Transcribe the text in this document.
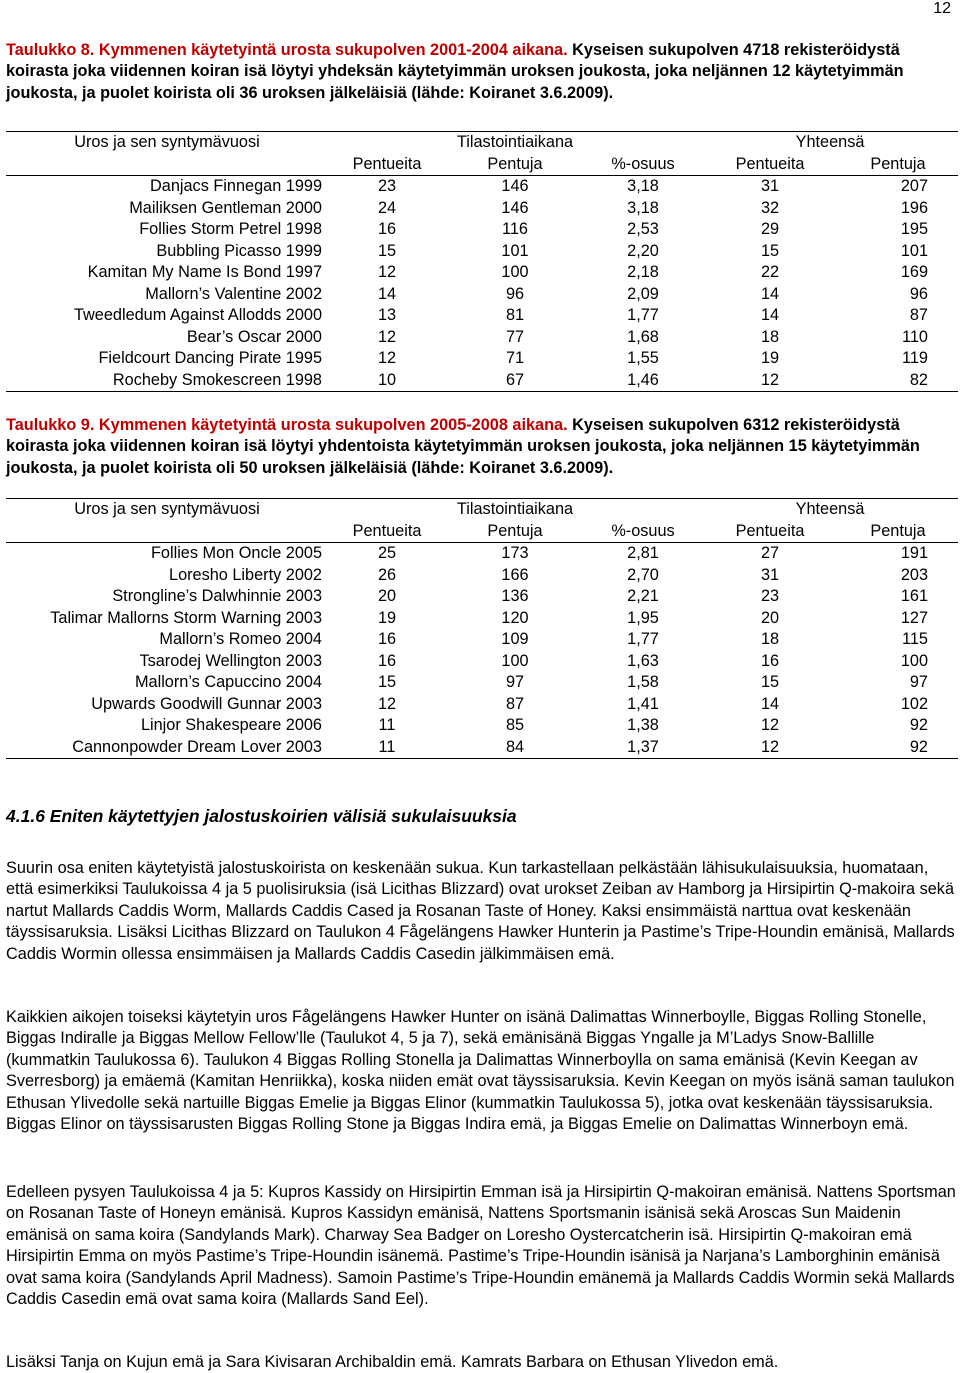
12
Taulukko 8. Kymmenen käytetyintä urosta sukupolven 2001-2004 aikana. Kyseisen sukupolven 4718 rekisteröidystä koirasta joka viidennen koiran isä löytyi yhdeksän käytetyimmän uroksen joukosta, joka neljännen 12 käytetyimmän joukosta, ja puolet koirista oli 36 uroksen jälkeläisiä (lähde: Koiranet 3.6.2009).
Uros ja sen syntymävuosi		Tilastointiaikana		Yhteensä	
	Pentueita	Pentuja	%-osuus	Pentueita	Pentuja
Danjacs Finnegan 1999	23	146	3,18	31	207
Mailiksen Gentleman 2000	24	146	3,18	32	196
Follies Storm Petrel 1998	16	116	2,53	29	195
Bubbling Picasso 1999	15	101	2,20	15	101
Kamitan My Name Is Bond 1997	12	100	2,18	22	169
Mallorn’s Valentine 2002	14	96	2,09	14	96
Tweedledum Against Allodds 2000	13	81	1,77	14	87
Bear’s Oscar 2000	12	77	1,68	18	110
Fieldcourt Dancing Pirate 1995	12	71	1,55	19	119
Rocheby Smokescreen 1998	10	67	1,46	12	82
Taulukko 9. Kymmenen käytetyintä urosta sukupolven 2005-2008 aikana. Kyseisen sukupolven 6312 rekisteröidystä koirasta joka viidennen koiran isä löytyi yhdentoista käytetyimmän uroksen joukosta, joka neljännen 15 käytetyimmän joukosta, ja puolet koirista oli 50 uroksen jälkeläisiä (lähde: Koiranet 3.6.2009).
Uros ja sen syntymävuosi		Tilastointiaikana		Yhteensä	
	Pentueita	Pentuja	%-osuus	Pentueita	Pentuja
Follies Mon Oncle 2005	25	173	2,81	27	191
Loresho Liberty 2002	26	166	2,70	31	203
Strongline’s Dalwhinnie 2003	20	136	2,21	23	161
Talimar Mallorns Storm Warning 2003	19	120	1,95	20	127
Mallorn’s Romeo 2004	16	109	1,77	18	115
Tsarodej Wellington 2003	16	100	1,63	16	100
Mallorn’s Capuccino 2004	15	97	1,58	15	97
Upwards Goodwill Gunnar 2003	12	87	1,41	14	102
Linjor Shakespeare 2006	11	85	1,38	12	92
Cannonpowder Dream Lover 2003	11	84	1,37	12	92
4.1.6 Eniten käytettyjen jalostuskoirien välisiä sukulaisuuksia

Suurin osa eniten käytetyistä jalostuskoirista on keskenään sukua. Kun tarkastellaan pelkästään lähisukulaisuuksia, huomataan, että esimerkiksi Taulukoissa 4 ja 5 puolisiruksia (isä Licithas Blizzard) ovat urokset Zeiban av Hamborg ja Hirsipirtin Q-makoira sekä nartut Mallards Caddis Worm, Mallards Caddis Cased ja Rosanan Taste of Honey. Kaksi ensimmäistä narttua ovat keskenään täyssisaruksia. Lisäksi Licithas Blizzard on Taulukon 4 Fågelängens Hawker Hunterin ja Pastime’s Tripe-Houndin emänisä, Mallards Caddis Wormin ollessa ensimmäisen ja Mallards Caddis Casedin jälkimmäisen emä.

Kaikkien aikojen toiseksi käytetyin uros Fågelängens Hawker Hunter on isänä Dalimattas Winnerboylle, Biggas Rolling Stonelle, Biggas Indiralle ja Biggas Mellow Fellow’lle (Taulukot 4, 5 ja 7), sekä emänisänä Biggas Yngalle ja M’Ladys Snow-Ballille (kummatkin Taulukossa 6). Taulukon 4 Biggas Rolling Stonella ja Dalimattas Winnerboylla on sama emänisä (Kevin Keegan av Sverresborg) ja emäemä (Kamitan Henriikka), koska niiden emät ovat täyssisaruksia. Kevin Keegan on myös isänä saman taulukon Ethusan Ylivedolle sekä nartuille Biggas Emelie ja Biggas Elinor (kummatkin Taulukossa 5), jotka ovat keskenään täyssisaruksia. Biggas Elinor on täyssisarusten Biggas Rolling Stone ja Biggas Indira emä, ja Biggas Emelie on Dalimattas Winnerboyn emä.

Edelleen pysyen Taulukoissa 4 ja 5: Kupros Kassidy on Hirsipirtin Emman isä ja Hirsipirtin Q-makoiran emänisä. Nattens Sportsman on Rosanan Taste of Honeyn emänisä. Kupros Kassidyn emänisä, Nattens Sportsmanin isänisä sekä Aroscas Sun Maidenin emänisä on sama koira (Sandylands Mark). Charway Sea Badger on Loresho Oystercatcherin isä. Hirsipirtin Q-makoiran emä Hirsipirtin Emma on myös Pastime’s Tripe-Houndin isänemä. Pastime’s Tripe-Houndin isänisä ja Narjana’s Lamborghinin emänisä ovat sama koira (Sandylands April Madness). Samoin Pastime’s Tripe-Houndin emänemä ja Mallards Caddis Wormin sekä Mallards Caddis Casedin emä ovat sama koira (Mallards Sand Eel).

Lisäksi Tanja on Kujun emä ja Sara Kivisaran Archibaldin emä. Kamrats Barbara on Ethusan Ylivedon emä.
